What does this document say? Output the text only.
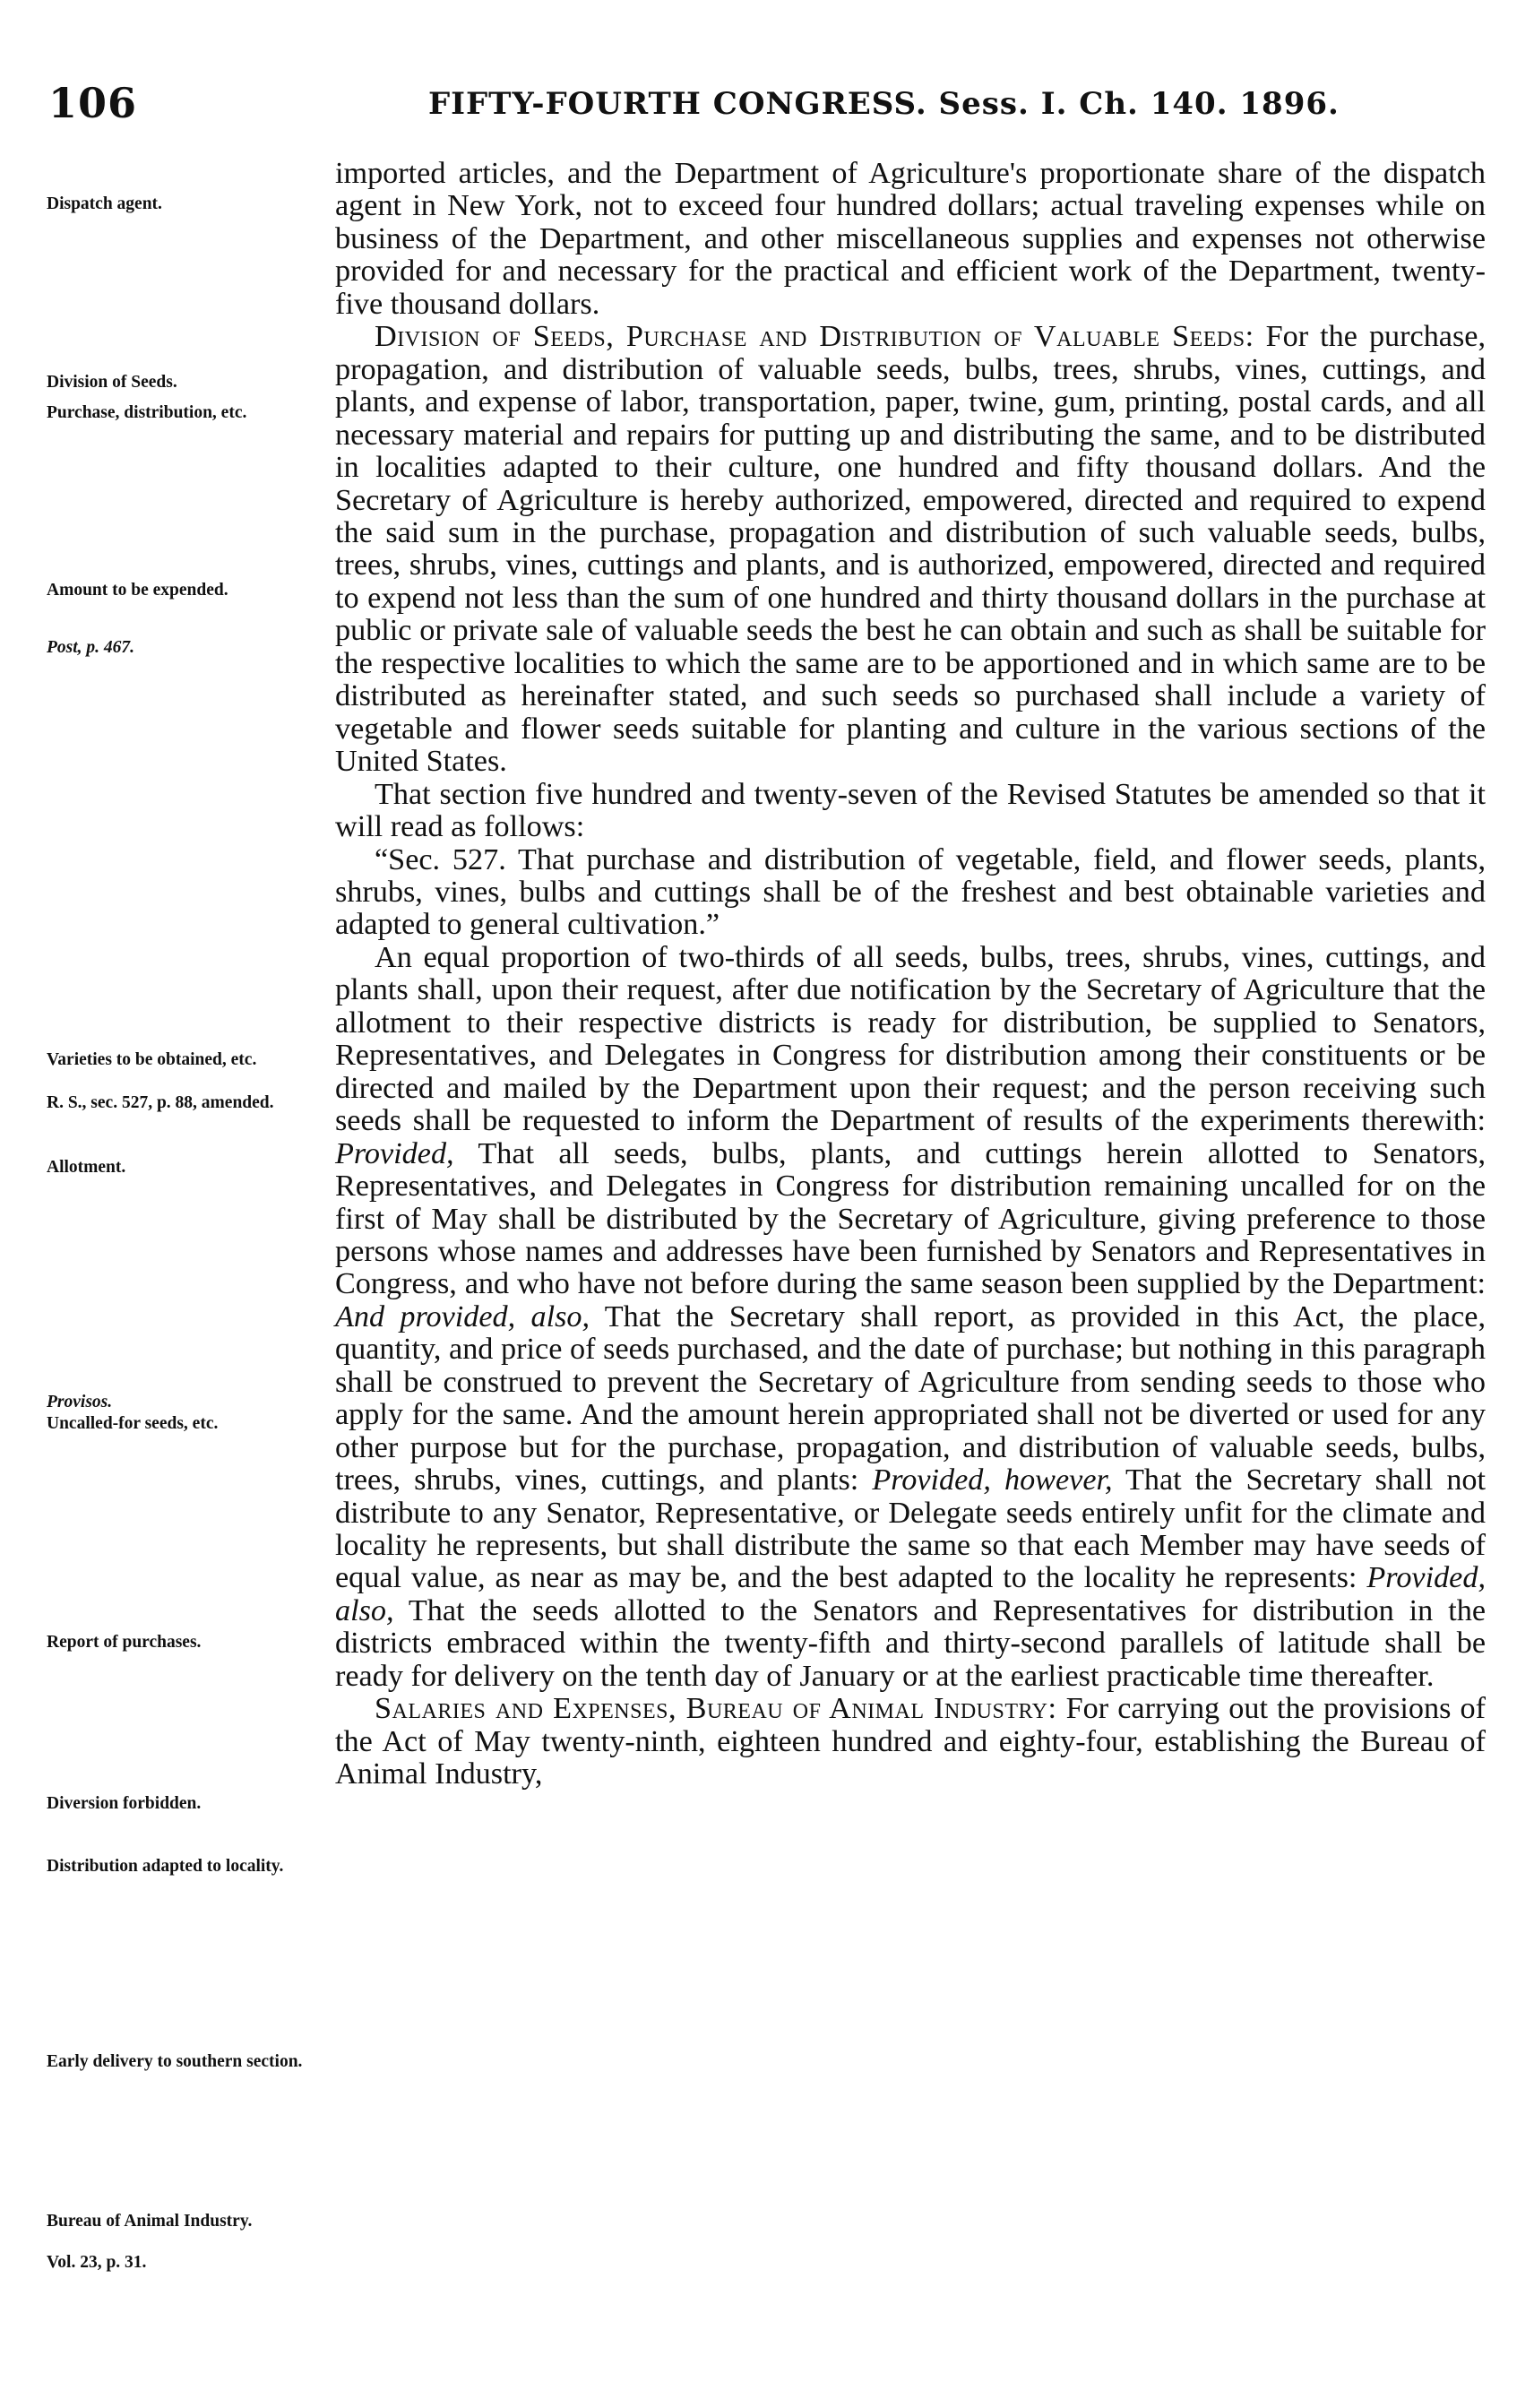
106	FIFTY-FOURTH CONGRESS. Sess. I. Ch. 140. 1896.
Dispatch agent.
Division of Seeds.
Purchase, distribution, etc.
Amount to be expended.
Post, p. 467.
Varieties to be obtained, etc.
R. S., sec. 527, p. 88, amended.
Allotment.
Provisos.
Uncalled-for seeds, etc.
Report of purchases.
Diversion forbidden.
Distribution adapted to locality.
Early delivery to southern section.
Bureau of Animal Industry.
Vol. 23, p. 31.

imported articles, and the Department of Agriculture's proportionate share of the dispatch agent in New York, not to exceed four hundred dollars; actual traveling expenses while on business of the Department, and other miscellaneous supplies and expenses not otherwise provided for and necessary for the practical and efficient work of the Department, twenty-five thousand dollars.

Division of Seeds, Purchase and Distribution of Valuable Seeds: For the purchase, propagation, and distribution of valuable seeds, bulbs, trees, shrubs, vines, cuttings, and plants, and expense of labor, transportation, paper, twine, gum, printing, postal cards, and all necessary material and repairs for putting up and distributing the same, and to be distributed in localities adapted to their culture, one hundred and fifty thousand dollars. And the Secretary of Agriculture is hereby authorized, empowered, directed and required to expend the said sum in the purchase, propagation and distribution of such valuable seeds, bulbs, trees, shrubs, vines, cuttings and plants, and is authorized, empowered, directed and required to expend not less than the sum of one hundred and thirty thousand dollars in the purchase at public or private sale of valuable seeds the best he can obtain and such as shall be suitable for the respective localities to which the same are to be apportioned and in which same are to be distributed as hereinafter stated, and such seeds so purchased shall include a variety of vegetable and flower seeds suitable for planting and culture in the various sections of the United States.

That section five hundred and twenty-seven of the Revised Statutes be amended so that it will read as follows:

“Sec. 527. That purchase and distribution of vegetable, field, and flower seeds, plants, shrubs, vines, bulbs and cuttings shall be of the freshest and best obtainable varieties and adapted to general cultivation.”

An equal proportion of two-thirds of all seeds, bulbs, trees, shrubs, vines, cuttings, and plants shall, upon their request, after due notification by the Secretary of Agriculture that the allotment to their respective districts is ready for distribution, be supplied to Senators, Representatives, and Delegates in Congress for distribution among their constituents or be directed and mailed by the Department upon their request; and the person receiving such seeds shall be requested to inform the Department of results of the experiments therewith: Provided, That all seeds, bulbs, plants, and cuttings herein allotted to Senators, Representatives, and Delegates in Congress for distribution remaining uncalled for on the first of May shall be distributed by the Secretary of Agriculture, giving preference to those persons whose names and addresses have been furnished by Senators and Representatives in Congress, and who have not before during the same season been supplied by the Department: And provided, also, That the Secretary shall report, as provided in this Act, the place, quantity, and price of seeds purchased, and the date of purchase; but nothing in this paragraph shall be construed to prevent the Secretary of Agriculture from sending seeds to those who apply for the same. And the amount herein appropriated shall not be diverted or used for any other purpose but for the purchase, propagation, and distribution of valuable seeds, bulbs, trees, shrubs, vines, cuttings, and plants: Provided, however, That the Secretary shall not distribute to any Senator, Representative, or Delegate seeds entirely unfit for the climate and locality he represents, but shall distribute the same so that each Member may have seeds of equal value, as near as may be, and the best adapted to the locality he represents: Provided, also, That the seeds allotted to the Senators and Representatives for distribution in the districts embraced within the twenty-fifth and thirty-second parallels of latitude shall be ready for delivery on the tenth day of January or at the earliest practicable time thereafter.

Salaries and Expenses, Bureau of Animal Industry: For carrying out the provisions of the Act of May twenty-ninth, eighteen hundred and eighty-four, establishing the Bureau of Animal Industry,
